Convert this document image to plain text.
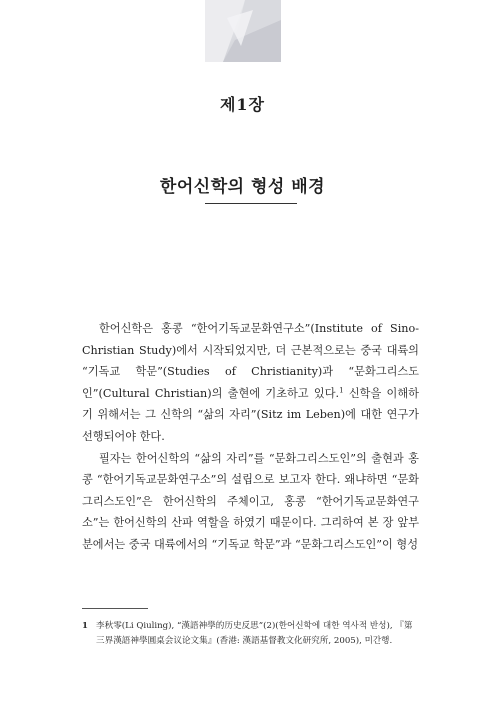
제1장
한어신학의 형성 배경

한어신학은 홍콩 “한어기독교문화연구소”(Institute of Sino-Christian Study)에서 시작되었지만, 더 근본적으로는 중국 대륙의 “기독교 학문”(Studies of Christianity)과 “문화그리스도인”(Cultural Christian)의 출현에 기초하고 있다.$^1$ 신학을 이해하기 위해서는 그 신학의 “삶의 자리”(Sitz im Leben)에 대한 연구가 선행되어야 한다.

필자는 한어신학의 “삶의 자리”를 “문화그리스도인”의 출현과 홍콩 “한어기독교문화연구소”의 설립으로 보고자 한다. 왜냐하면 “문화그리스도인”은 한어신학의 주체이고, 홍콩 “한어기독교문화연구소”는 한어신학의 산파 역할을 하였기 때문이다. 그리하여 본 장 앞부분에서는 중국 대륙에서의 “기독교 학문”과 “문화그리스도인”이 형성

1 李秋零(Li Qiuling), “漢語神學的历史反思”(2)(한어신학에 대한 역사적 반성), 『第三界漢語神學圓桌会议论文集』(香港: 漢語基督教文化研究所, 2005), 미간행.
